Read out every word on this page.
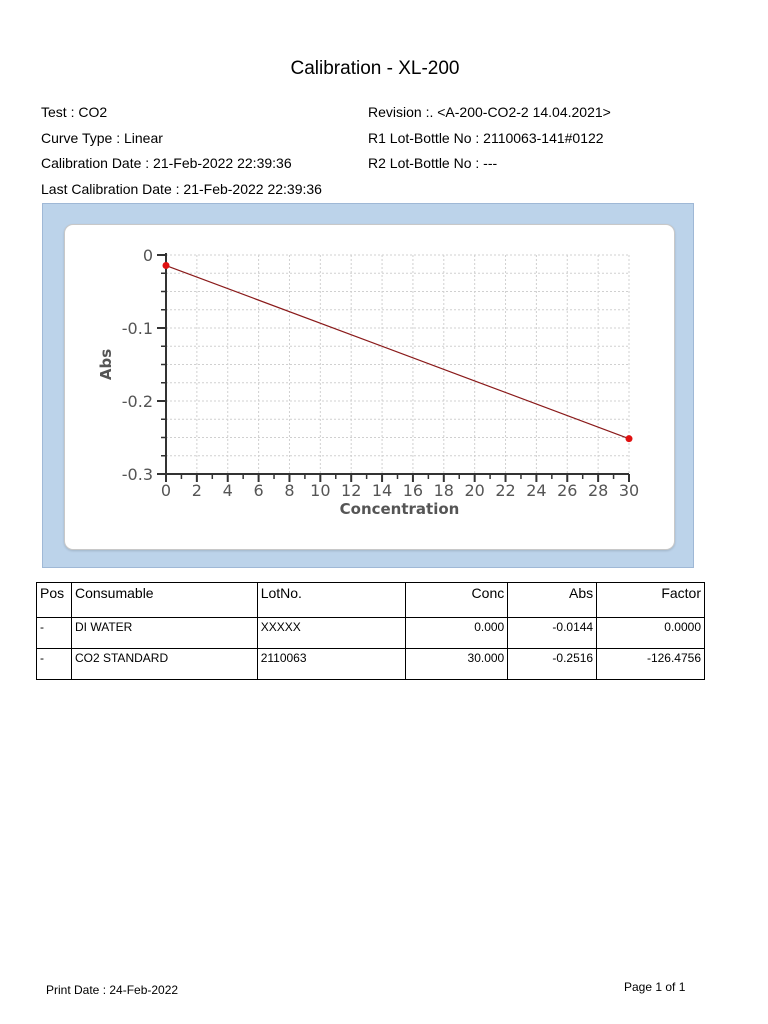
Calibration - XL-200
Test : CO2
Curve Type : Linear
Calibration Date : 21-Feb-2022 22:39:36
Last Calibration Date : 21-Feb-2022 22:39:36
Revision :. <A-200-CO2-2 14.04.2021>
R1 Lot-Bottle No : 2110063-141#0122
R2 Lot-Bottle No : ---
0 2 4 6 8 10 12 14 16 18 20 22 24 26 28 30
0
-0.1
-0.2
-0.3
Concentration
Abs
Pos	Consumable	LotNo.	Conc	Abs	Factor
-	DI WATER	XXXXX	0.000	-0.0144	0.0000
-	CO2 STANDARD	2110063	30.000	-0.2516	-126.4756
Print Date : 24-Feb-2022	Page 1 of 1
